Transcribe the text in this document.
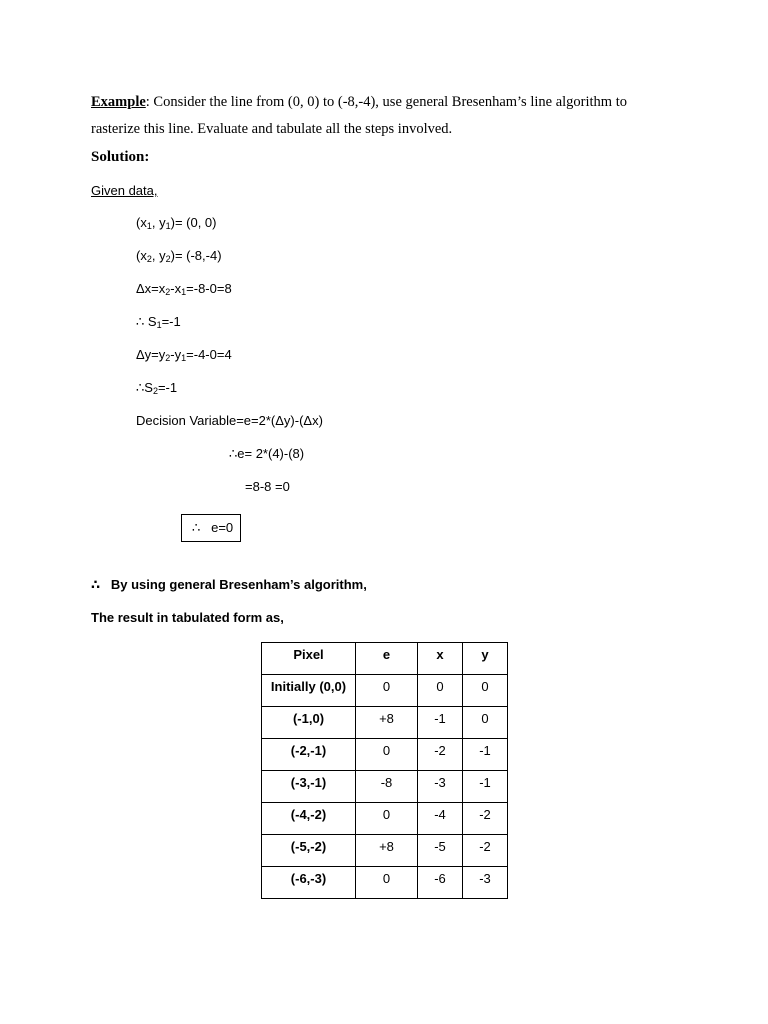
Example: Consider the line from (0, 0) to (-8,-4), use general Bresenham’s line algorithm to
rasterize this line. Evaluate and tabulate all the steps involved.
Solution:
Given data,
($x_1$, $y_1)= (0$, 0)
($x_2$, $y_2)= (-8,-4)$
$\Delta x=x_2-x_1=-8-0=8$
∴ $S_1=-1$
$\Delta y=y_2-y_1=-4-0=4$
$\therefore S_2=-1$
Decision Variable=e=2*(Δy)-(Δx)
∴e= 2*(4)-(8)
=8-8 =0
∴   e=0
∴   By using general Bresenham’s algorithm,
The result in tabulated form as,
Pixel	e	x	y
Initially (0,0)	0	0	0
(-1,0)	+8	-1	0
(-2,-1)	0	-2	-1
(-3,-1)	-8	-3	-1
(-4,-2)	0	-4	-2
(-5,-2)	+8	-5	-2
(-6,-3)	0	-6	-3
